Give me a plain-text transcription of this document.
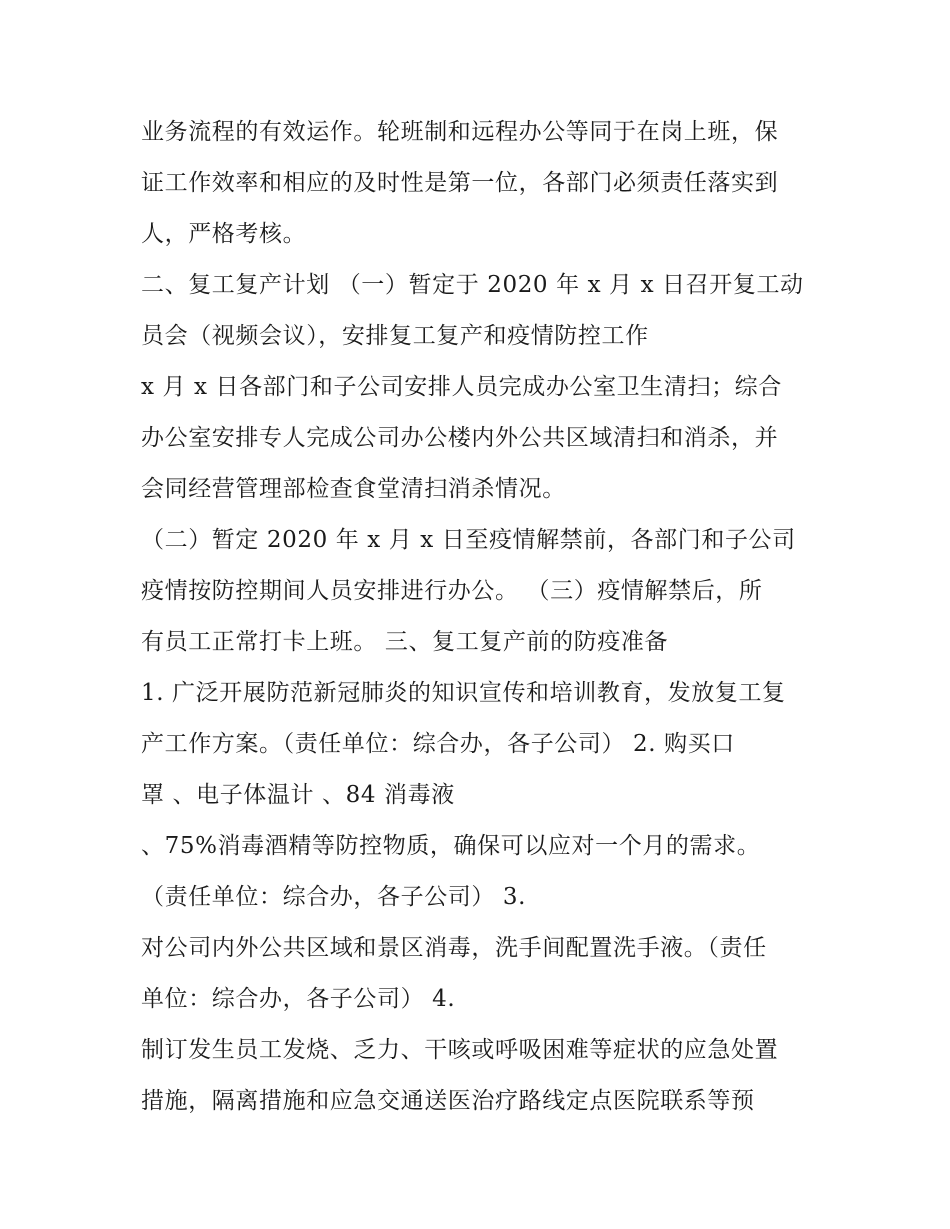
业务流程的有效运作。轮班制和远程办公等同于在岗上班，保
证工作效率和相应的及时性是第一位，各部门必须责任落实到
人，严格考核。
二、复工复产计划 （一）暂定于 2020 年 x 月 x 日召开复工动
员会（视频会议），安排复工复产和疫情防控工作
x 月 x 日各部门和子公司安排人员完成办公室卫生清扫；综合
办公室安排专人完成公司办公楼内外公共区域清扫和消杀，并
会同经营管理部检查食堂清扫消杀情况。
（二）暂定 2020 年 x 月 x 日至疫情解禁前，各部门和子公司
疫情按防控期间人员安排进行办公。 （三）疫情解禁后，所
有员工正常打卡上班。 三、复工复产前的防疫准备
1. 广泛开展防范新冠肺炎的知识宣传和培训教育，发放复工复
产工作方案。（责任单位：综合办，各子公司） 2. 购买口
罩 、电子体温计 、84 消毒液
、75%消毒酒精等防控物质，确保可以应对一个月的需求。
（责任单位：综合办，各子公司） 3.
对公司内外公共区域和景区消毒，洗手间配置洗手液。（责任
单位：综合办，各子公司） 4.
制订发生员工发烧、乏力、干咳或呼吸困难等症状的应急处置
措施，隔离措施和应急交通送医治疗路线定点医院联系等预
